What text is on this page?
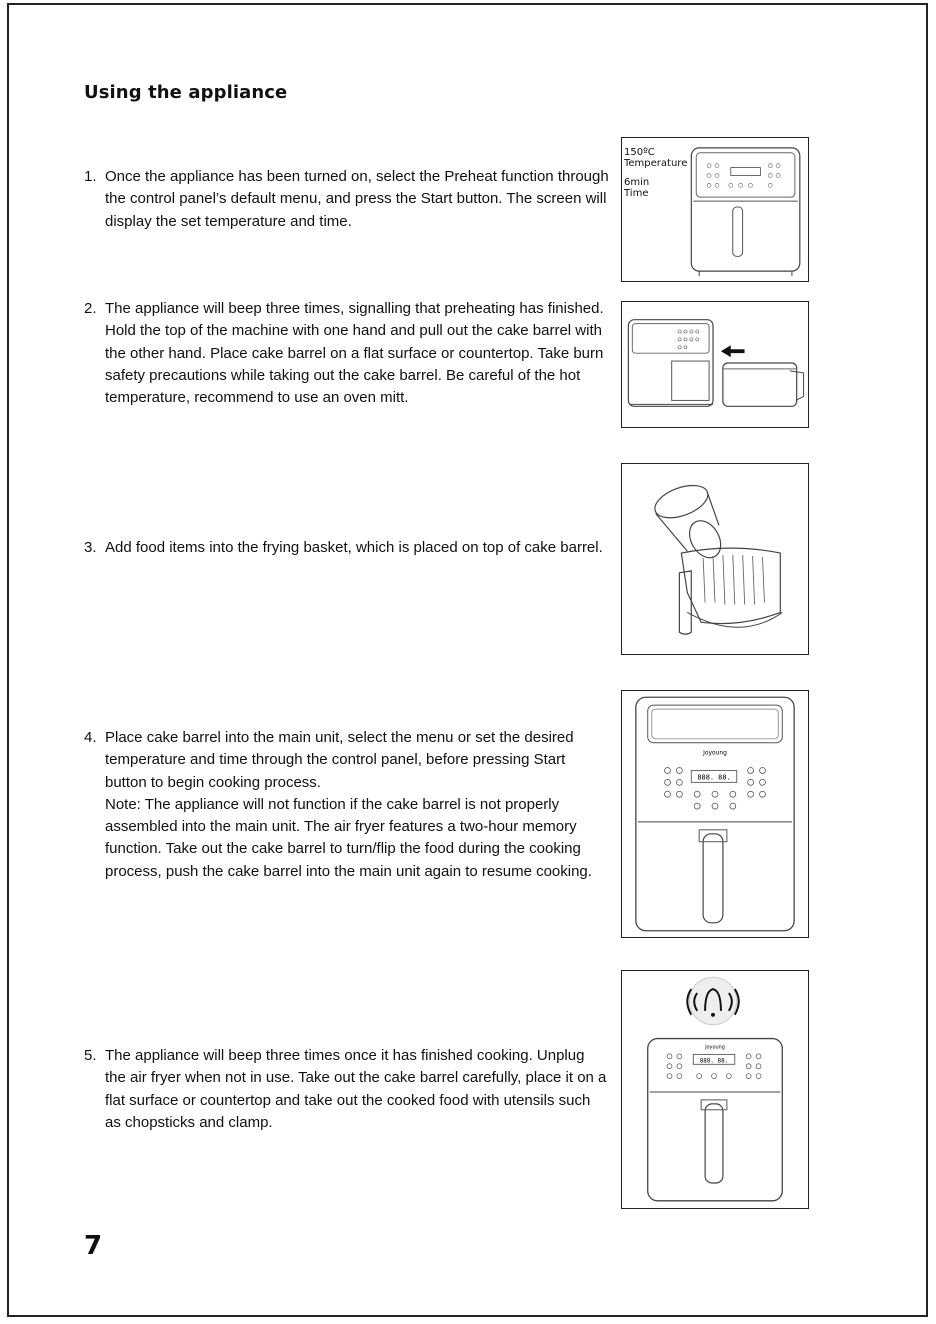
Using the appliance
1. Once the appliance has been turned on, select the Preheat function through the control panel’s default menu, and press the Start button. The screen will display the set temperature and time.
2. The appliance will beep three times, signalling that preheating has finished. Hold the top of the machine with one hand and pull out the cake barrel with the other hand. Place cake barrel on a flat surface or countertop. Take burn safety precautions while taking out the cake barrel. Be careful of the hot temperature, recommend to use an oven mitt.
3. Add food items into the frying basket, which is placed on top of cake barrel.
4. Place cake barrel into the main unit, select the menu or set the desired temperature and time through the control panel, before pressing Start button to begin cooking process.
Note: The appliance will not function if the cake barrel is not properly assembled into the main unit. The air fryer features a two-hour memory function. Take out the cake barrel to turn/flip the food during the cooking process, push the cake barrel into the main unit again to resume cooking.
5. The appliance will beep three times once it has finished cooking. Unplug the air fryer when not in use. Take out the cake barrel carefully, place it on a flat surface or countertop and take out the cooked food with utensils such as chopsticks and clamp.
150ºC
Temperature
6min
Time
Joyoung
888. 88.
Joyoung
888. 88.
7
